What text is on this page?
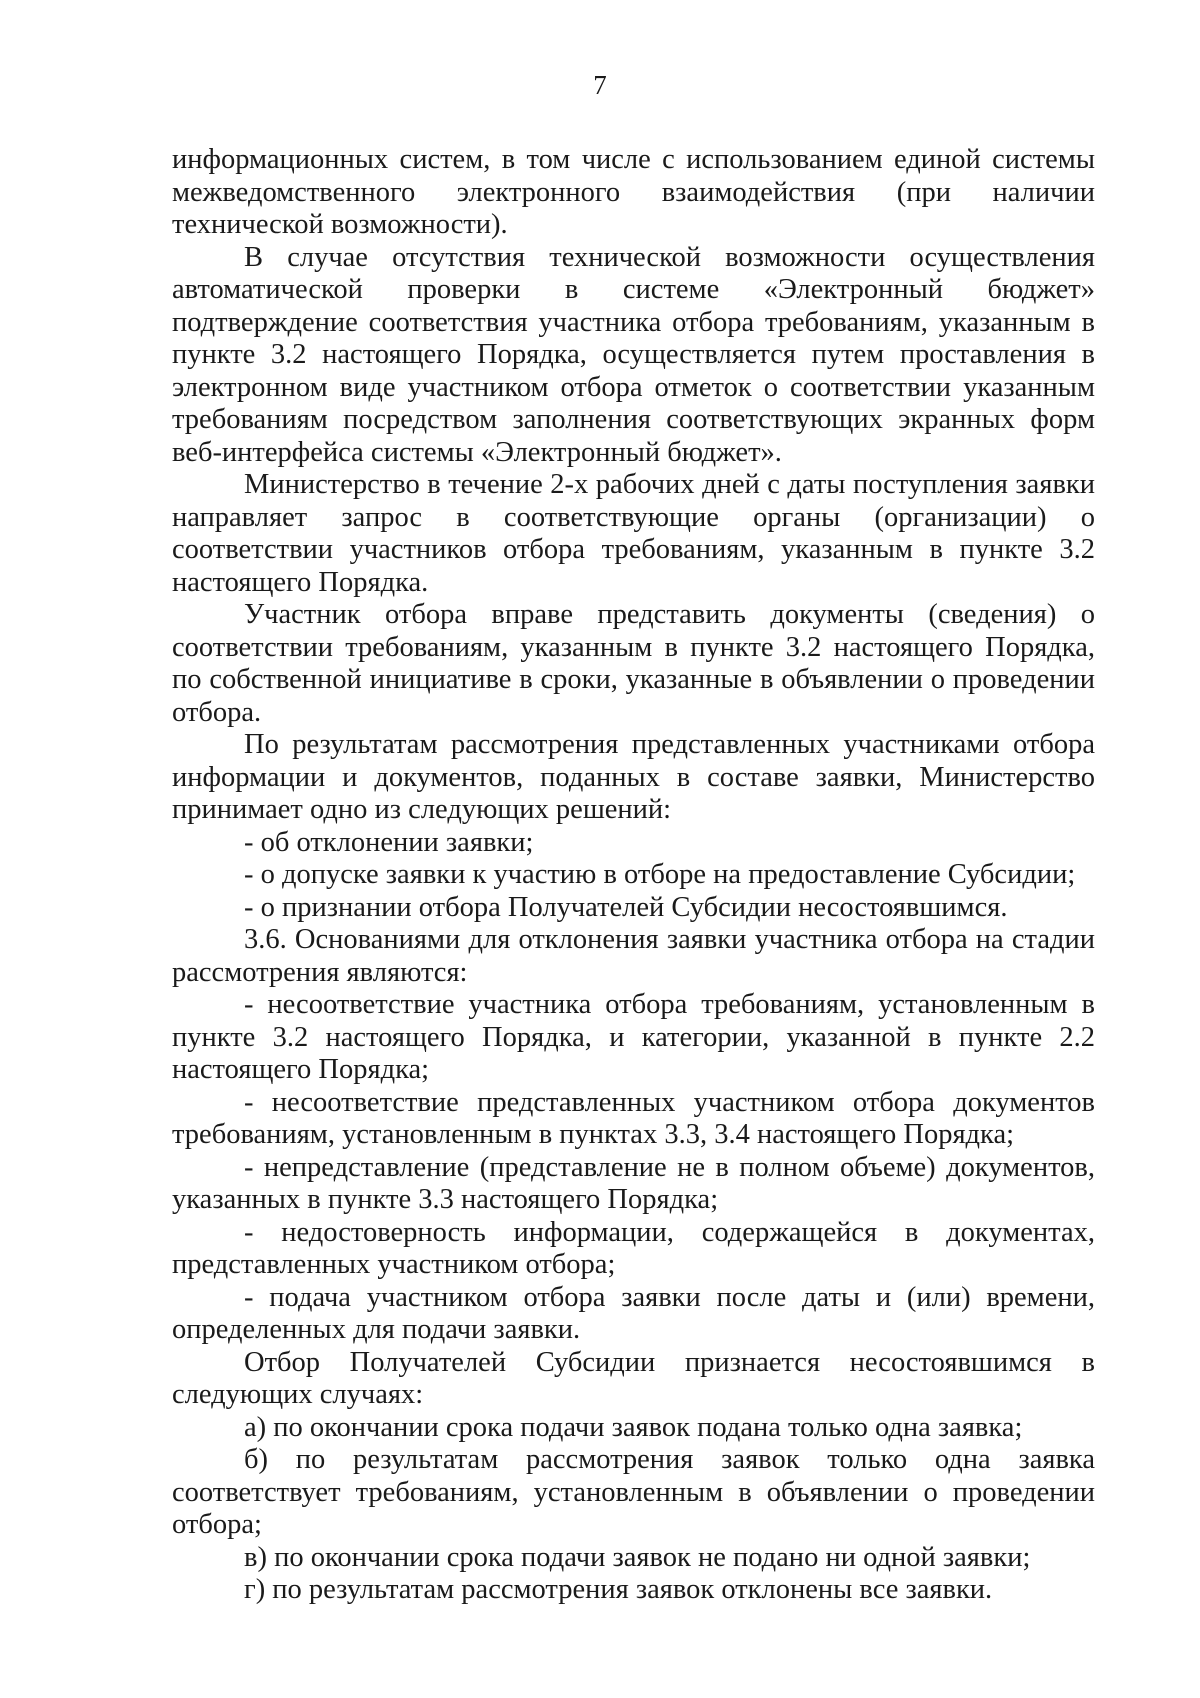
7

информационных систем, в том числе с использованием единой системы межведомственного электронного взаимодействия (при наличии технической возможности).

В случае отсутствия технической возможности осуществления автоматической проверки в системе «Электронный бюджет» подтверждение соответствия участника отбора требованиям, указанным в пункте 3.2 настоящего Порядка, осуществляется путем проставления в электронном виде участником отбора отметок о соответствии указанным требованиям посредством заполнения соответствующих экранных форм веб-интерфейса системы «Электронный бюджет».

Министерство в течение 2-х рабочих дней с даты поступления заявки направляет запрос в соответствующие органы (организации) о соответствии участников отбора требованиям, указанным в пункте 3.2 настоящего Порядка.

Участник отбора вправе представить документы (сведения) о соответствии требованиям, указанным в пункте 3.2 настоящего Порядка, по собственной инициативе в сроки, указанные в объявлении о проведении отбора.

По результатам рассмотрения представленных участниками отбора информации и документов, поданных в составе заявки, Министерство принимает одно из следующих решений:

- об отклонении заявки;

- о допуске заявки к участию в отборе на предоставление Субсидии;

- о признании отбора Получателей Субсидии несостоявшимся.

3.6. Основаниями для отклонения заявки участника отбора на стадии рассмотрения являются:

- несоответствие участника отбора требованиям, установленным в пункте 3.2 настоящего Порядка, и категории, указанной в пункте 2.2 настоящего Порядка;

- несоответствие представленных участником отбора документов требованиям, установленным в пунктах 3.3, 3.4 настоящего Порядка;

- непредставление (представление не в полном объеме) документов, указанных в пункте 3.3 настоящего Порядка;

- недостоверность информации, содержащейся в документах, представленных участником отбора;

- подача участником отбора заявки после даты и (или) времени, определенных для подачи заявки.

Отбор Получателей Субсидии признается несостоявшимся в следующих случаях:

а) по окончании срока подачи заявок подана только одна заявка;

б) по результатам рассмотрения заявок только одна заявка соответствует требованиям, установленным в объявлении о проведении отбора;

в) по окончании срока подачи заявок не подано ни одной заявки;

г) по результатам рассмотрения заявок отклонены все заявки.
